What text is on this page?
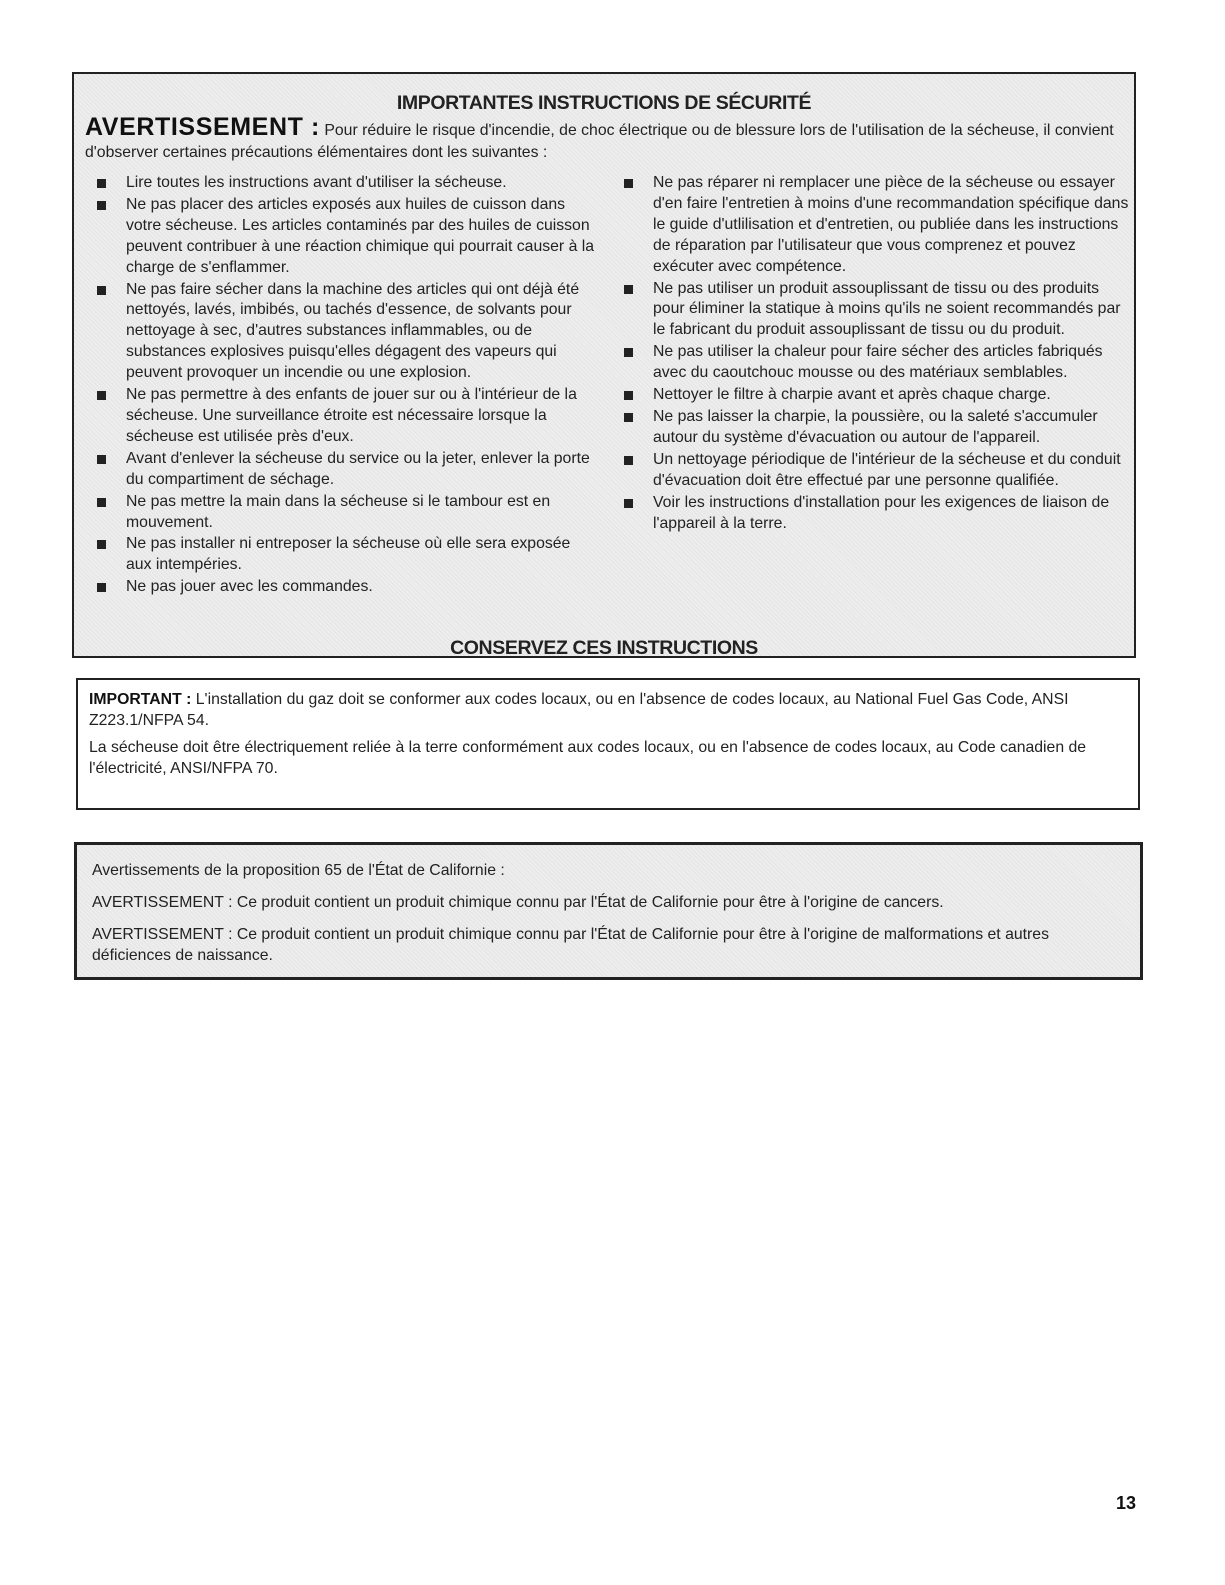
IMPORTANTES INSTRUCTIONS DE SÉCURITÉ
AVERTISSEMENT : Pour réduire le risque d'incendie, de choc électrique ou de blessure lors de l'utilisation de la sécheuse, il convient d'observer certaines précautions élémentaires dont les suivantes :
Lire toutes les instructions avant d'utiliser la sécheuse.
Ne pas placer des articles exposés aux huiles de cuisson dans votre sécheuse. Les articles contaminés par des huiles de cuisson peuvent contribuer à une réaction chimique qui pourrait causer à la charge de s'enflammer.
Ne pas faire sécher dans la machine des articles qui ont déjà été nettoyés, lavés, imbibés, ou tachés d'essence, de solvants pour nettoyage à sec, d'autres substances inflammables, ou de substances explosives puisqu'elles dégagent des vapeurs qui peuvent provoquer un incendie ou une explosion.
Ne pas permettre à des enfants de jouer sur ou à l'intérieur de la sécheuse. Une surveillance étroite est nécessaire lorsque la sécheuse est utilisée près d'eux.
Avant d'enlever la sécheuse du service ou la jeter, enlever la porte du compartiment de séchage.
Ne pas mettre la main dans la sécheuse si le tambour est en mouvement.
Ne pas installer ni entreposer la sécheuse où elle sera exposée aux intempéries.
Ne pas jouer avec les commandes.
Ne pas réparer ni remplacer une pièce de la sécheuse ou essayer d'en faire l'entretien à moins d'une recommandation spécifique dans le guide d'utlilisation et d'entretien, ou publiée dans les instructions de réparation par l'utilisateur que vous comprenez et pouvez exécuter avec compétence.
Ne pas utiliser un produit assouplissant de tissu ou des produits pour éliminer la statique à moins qu'ils ne soient recommandés par le fabricant du produit assouplissant de tissu ou du produit.
Ne pas utiliser la chaleur pour faire sécher des articles fabriqués avec du caoutchouc mousse ou des matériaux semblables.
Nettoyer le filtre à charpie avant et après chaque charge.
Ne pas laisser la charpie, la poussière, ou la saleté s'accumuler autour du système d'évacuation ou autour de l'appareil.
Un nettoyage périodique de l'intérieur de la sécheuse et du conduit d'évacuation doit être effectué par une personne qualifiée.
Voir les instructions d'installation pour les exigences de liaison de l'appareil à la terre.
CONSERVEZ CES INSTRUCTIONS
IMPORTANT : L'installation du gaz doit se conformer aux codes locaux, ou en l'absence de codes locaux, au National Fuel Gas Code, ANSI Z223.1/NFPA 54.
La sécheuse doit être électriquement reliée à la terre conformément aux codes locaux, ou en l'absence de codes locaux, au Code canadien de l'électricité, ANSI/NFPA 70.
Avertissements de la proposition 65 de l'État de Californie :
AVERTISSEMENT : Ce produit contient un produit chimique connu par l'État de Californie pour être à l'origine de cancers.
AVERTISSEMENT : Ce produit contient un produit chimique connu par l'État de Californie pour être à l'origine de malformations et autres déficiences de naissance.
13
